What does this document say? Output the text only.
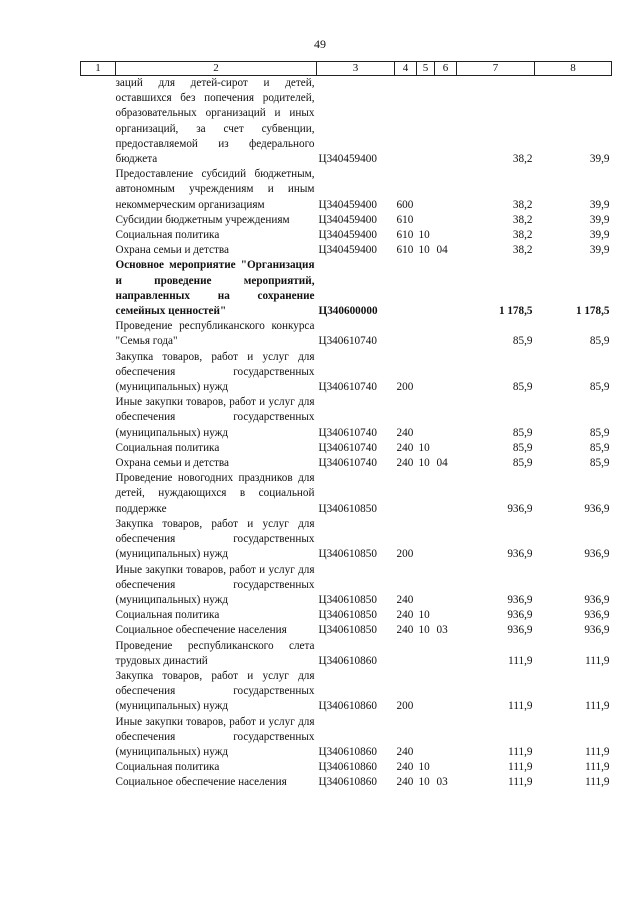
49
1	2	3	4	5	6	7	8
	заций для детей-сирот и детей, оставшихся без попечения родителей, образовательных организаций и иных организаций, за счет субвенции, предоставляемой из федерального бюджета	Ц340459400				38,2	39,9
	Предоставление субсидий бюджетным, автономным учреждениям и иным некоммерческим организациям	Ц340459400	600			38,2	39,9
	Субсидии бюджетным учреждениям	Ц340459400	610			38,2	39,9
	Социальная политика	Ц340459400	610	10		38,2	39,9
	Охрана семьи и детства	Ц340459400	610	10	04	38,2	39,9
	Основное мероприятие "Организация и проведение мероприятий, направленных на сохранение семейных ценностей"	Ц340600000				1 178,5	1 178,5
	Проведение республиканского конкурса "Семья года"	Ц340610740				85,9	85,9
	Закупка товаров, работ и услуг для обеспечения государственных (муниципальных) нужд	Ц340610740	200			85,9	85,9
	Иные закупки товаров, работ и услуг для обеспечения государственных (муниципальных) нужд	Ц340610740	240			85,9	85,9
	Социальная политика	Ц340610740	240	10		85,9	85,9
	Охрана семьи и детства	Ц340610740	240	10	04	85,9	85,9
	Проведение новогодних праздников для детей, нуждающихся в социальной поддержке	Ц340610850				936,9	936,9
	Закупка товаров, работ и услуг для обеспечения государственных (муниципальных) нужд	Ц340610850	200			936,9	936,9
	Иные закупки товаров, работ и услуг для обеспечения государственных (муниципальных) нужд	Ц340610850	240			936,9	936,9
	Социальная политика	Ц340610850	240	10		936,9	936,9
	Социальное обеспечение населения	Ц340610850	240	10	03	936,9	936,9
	Проведение республиканского слета трудовых династий	Ц340610860				111,9	111,9
	Закупка товаров, работ и услуг для обеспечения государственных (муниципальных) нужд	Ц340610860	200			111,9	111,9
	Иные закупки товаров, работ и услуг для обеспечения государственных (муниципальных) нужд	Ц340610860	240			111,9	111,9
	Социальная политика	Ц340610860	240	10		111,9	111,9
	Социальное обеспечение населения	Ц340610860	240	10	03	111,9	111,9
